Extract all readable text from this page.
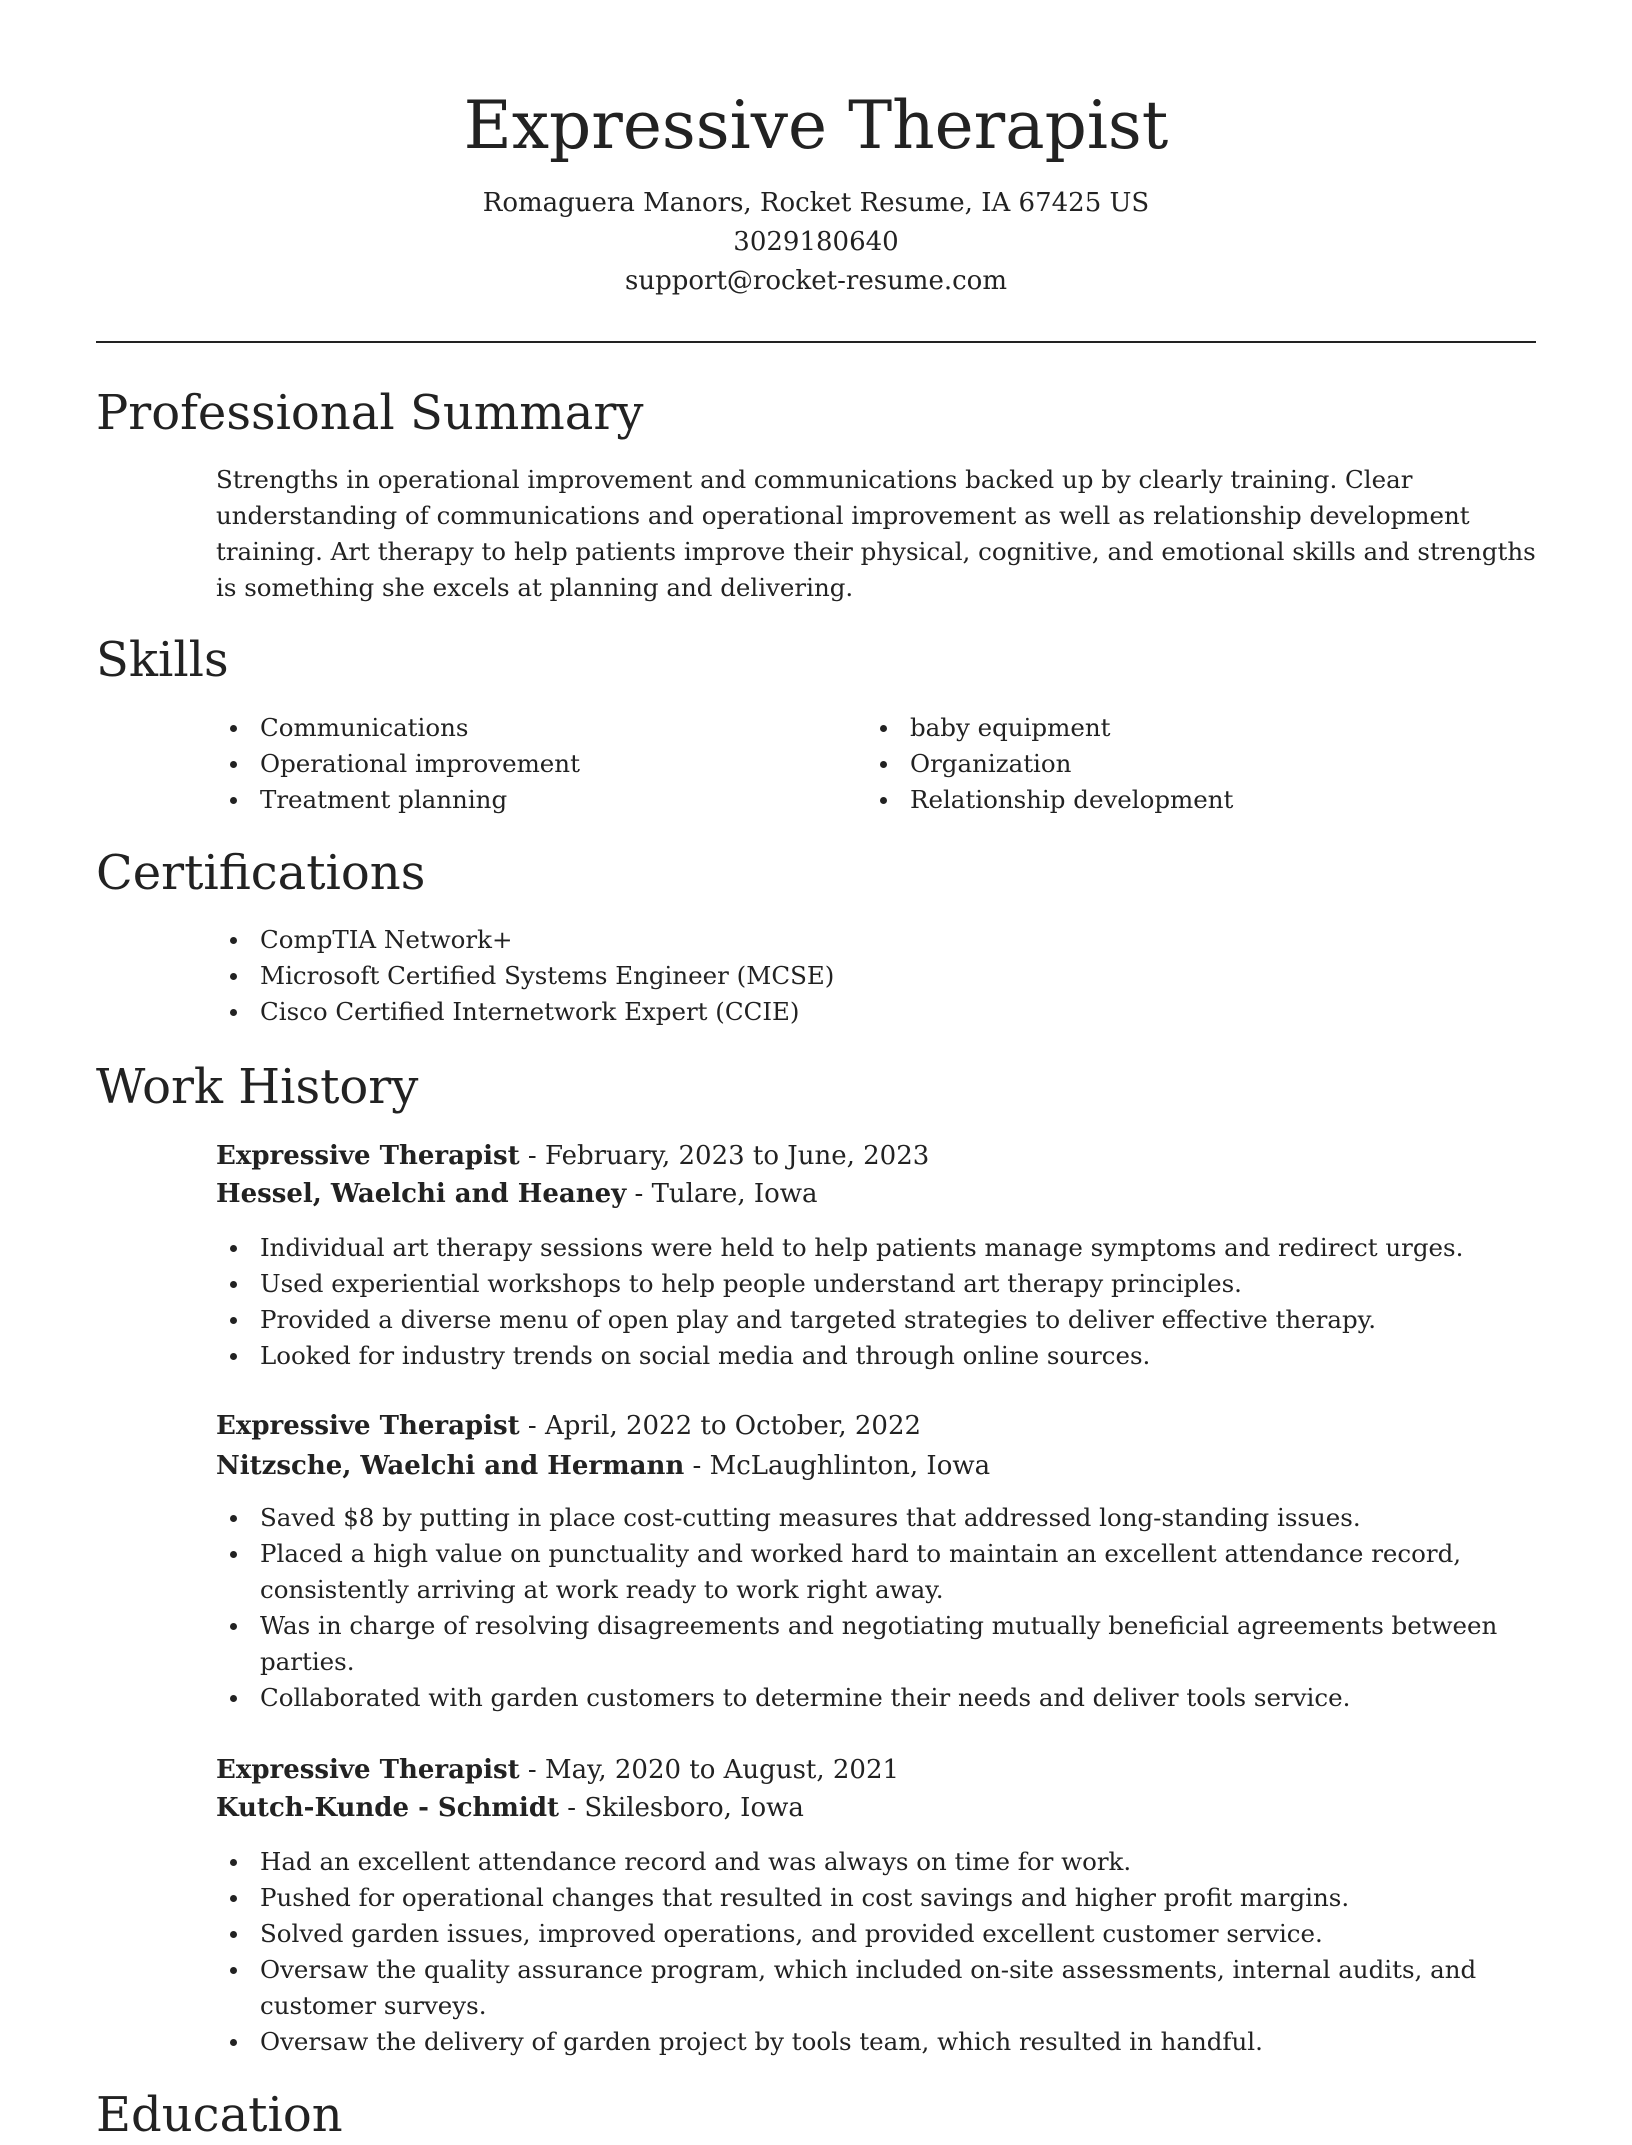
Expressive Therapist
Romaguera Manors, Rocket Resume, IA 67425 US
3029180640
support@rocket-resume.com
Professional Summary

Strengths in operational improvement and communications backed up by clearly training. Clear understanding of communications and operational improvement as well as relationship development training. Art therapy to help patients improve their physical, cognitive, and emotional skills and strengths is something she excels at planning and delivering.

Skills
Communications
Operational improvement
Treatment planning
baby equipment
Organization
Relationship development
Certifications
CompTIA Network+
Microsoft Certified Systems Engineer (MCSE)
Cisco Certified Internetwork Expert (CCIE)
Work History
Expressive Therapist - February, 2023 to June, 2023
Hessel, Waelchi and Heaney - Tulare, Iowa
Individual art therapy sessions were held to help patients manage symptoms and redirect urges.
Used experiential workshops to help people understand art therapy principles.
Provided a diverse menu of open play and targeted strategies to deliver effective therapy.
Looked for industry trends on social media and through online sources.
Expressive Therapist - April, 2022 to October, 2022
Nitzsche, Waelchi and Hermann - McLaughlinton, Iowa
Saved $8 by putting in place cost-cutting measures that addressed long-standing issues.
Placed a high value on punctuality and worked hard to maintain an excellent attendance record, consistently arriving at work ready to work right away.
Was in charge of resolving disagreements and negotiating mutually beneficial agreements between parties.
Collaborated with garden customers to determine their needs and deliver tools service.
Expressive Therapist - May, 2020 to August, 2021
Kutch-Kunde - Schmidt - Skilesboro, Iowa
Had an excellent attendance record and was always on time for work.
Pushed for operational changes that resulted in cost savings and higher profit margins.
Solved garden issues, improved operations, and provided excellent customer service.
Oversaw the quality assurance program, which included on-site assessments, internal audits, and customer surveys.
Oversaw the delivery of garden project by tools team, which resulted in handful.
Education
